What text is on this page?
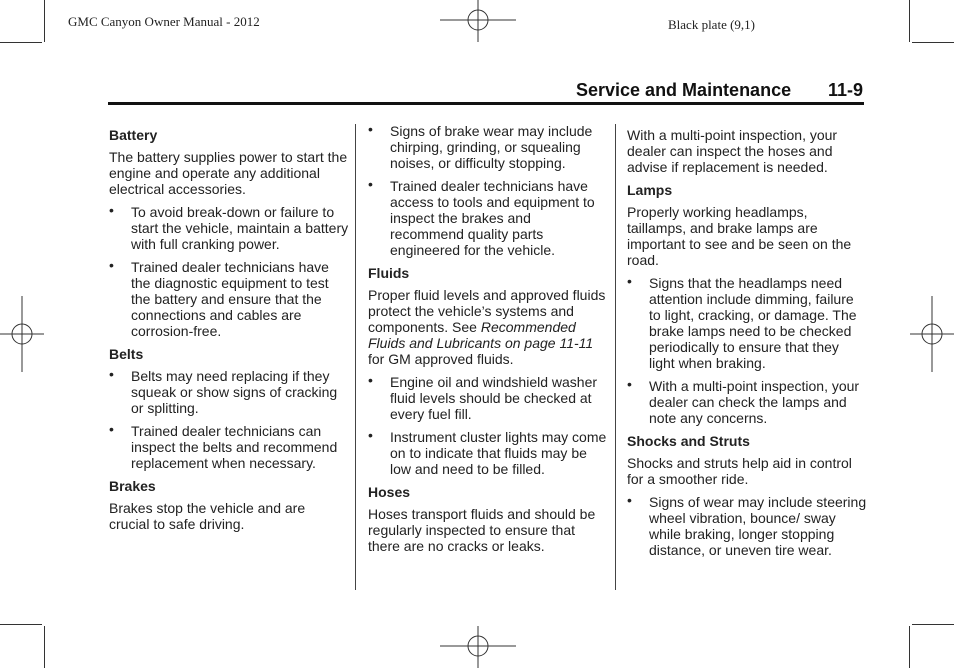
GMC Canyon Owner Manual - 2012	Black plate (9,1)
Service and Maintenance 11-9
Battery

The battery supplies power to start the engine and operate any additional electrical accessories.

• To avoid break-down or failure to start the vehicle, maintain a battery with full cranking power.
• Trained dealer technicians have the diagnostic equipment to test the battery and ensure that the connections and cables are corrosion-free.
Belts
• Belts may need replacing if they squeak or show signs of cracking or splitting.
• Trained dealer technicians can inspect the belts and recommend replacement when necessary.
Brakes

Brakes stop the vehicle and are crucial to safe driving.

• Signs of brake wear may include chirping, grinding, or squealing noises, or difficulty stopping.
• Trained dealer technicians have access to tools and equipment to inspect the brakes and recommend quality parts engineered for the vehicle.
Fluids

Proper fluid levels and approved fluids protect the vehicle’s systems and components. See Recommended Fluids and Lubricants on page 11-11 for GM approved fluids.

• Engine oil and windshield washer fluid levels should be checked at every fuel fill.
• Instrument cluster lights may come on to indicate that fluids may be low and need to be filled.
Hoses

Hoses transport fluids and should be regularly inspected to ensure that there are no cracks or leaks.

With a multi-point inspection, your dealer can inspect the hoses and advise if replacement is needed.

Lamps

Properly working headlamps, taillamps, and brake lamps are important to see and be seen on the road.

• Signs that the headlamps need attention include dimming, failure to light, cracking, or damage. The brake lamps need to be checked periodically to ensure that they light when braking.
• With a multi-point inspection, your dealer can check the lamps and note any concerns.
Shocks and Struts

Shocks and struts help aid in control for a smoother ride.

• Signs of wear may include steering wheel vibration, bounce/ sway while braking, longer stopping distance, or uneven tire wear.
